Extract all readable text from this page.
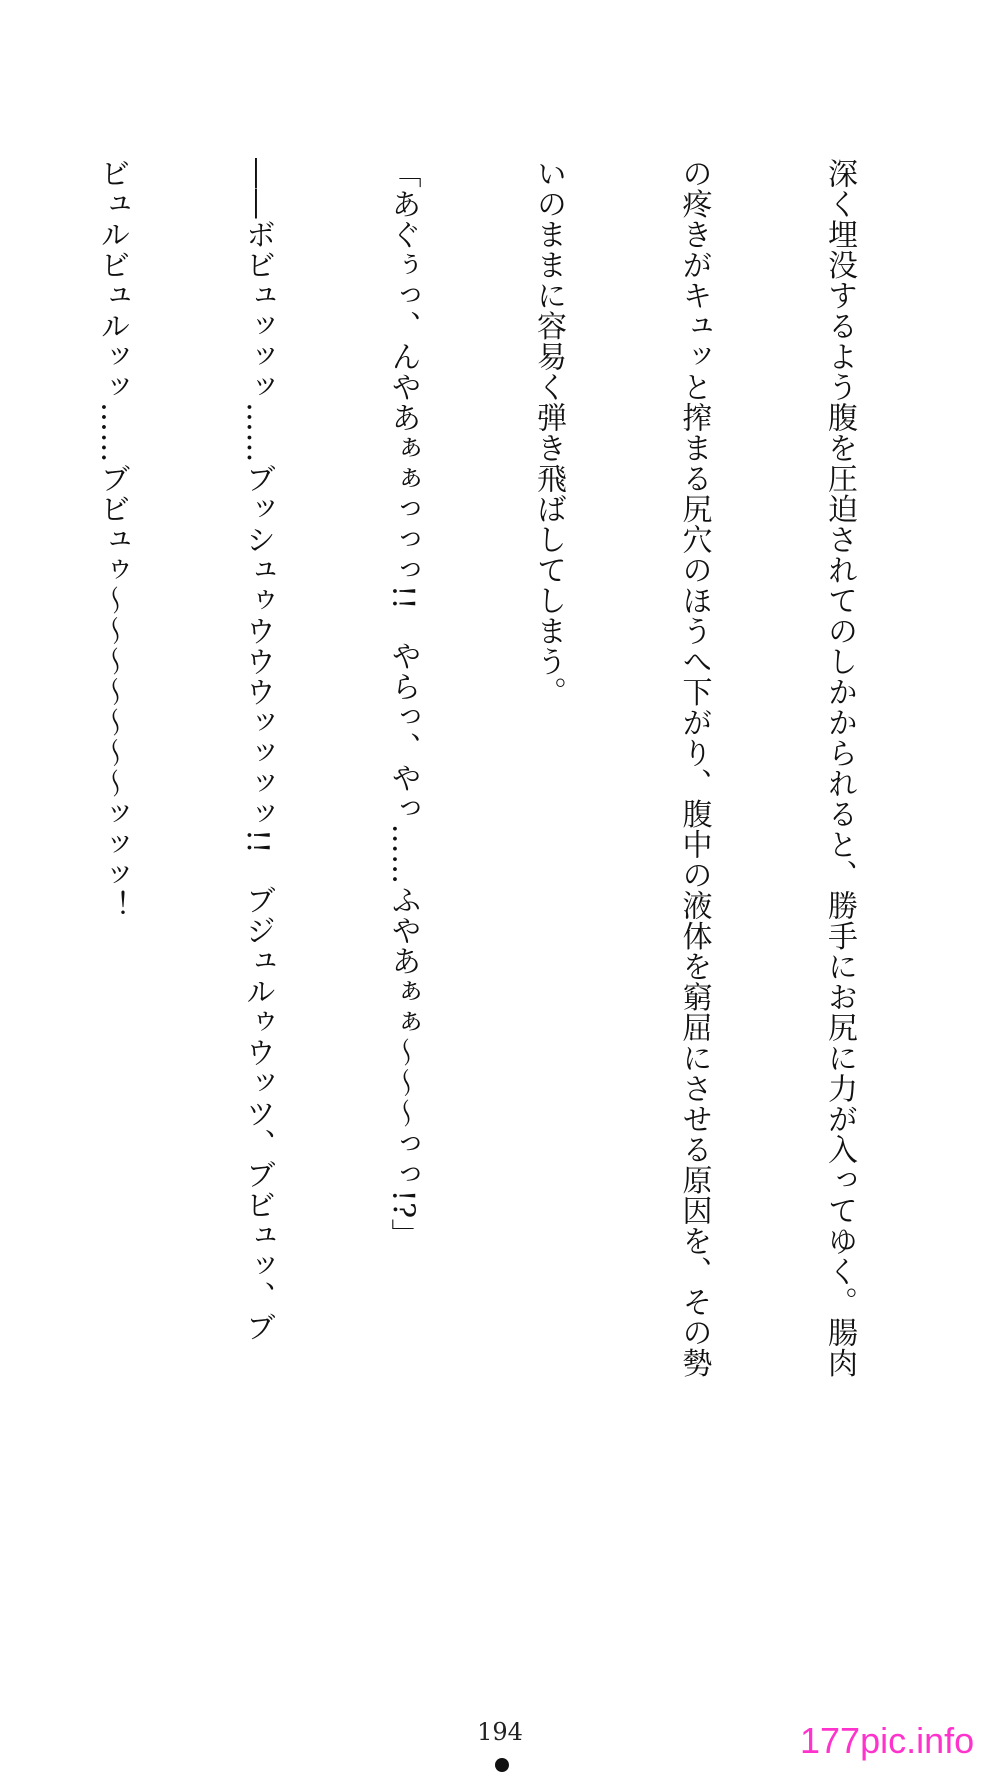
深く埋没するよう腹を圧迫されてのしかかられると、勝手にお尻に力が入ってゆく。腸肉

の疼きがキュッと搾まる尻穴のほうへ下がり、腹中の液体を窮屈にさせる原因を、その勢

いのままに容易く弾き飛ばしてしまう。

「あぐぅっ、んやあぁぁっっっ!!　やらっ、やっ……ふやあぁぁ〜〜〜っっ!?」

――ボビュッッッ……ブッシュゥウウウッッッッ!!　ブジュルゥウッツ、ブビュッ、ブ

ビュルビュルッッ……ブビュゥ〜〜〜〜〜〜〜ッッッ！

194	177pic.info
